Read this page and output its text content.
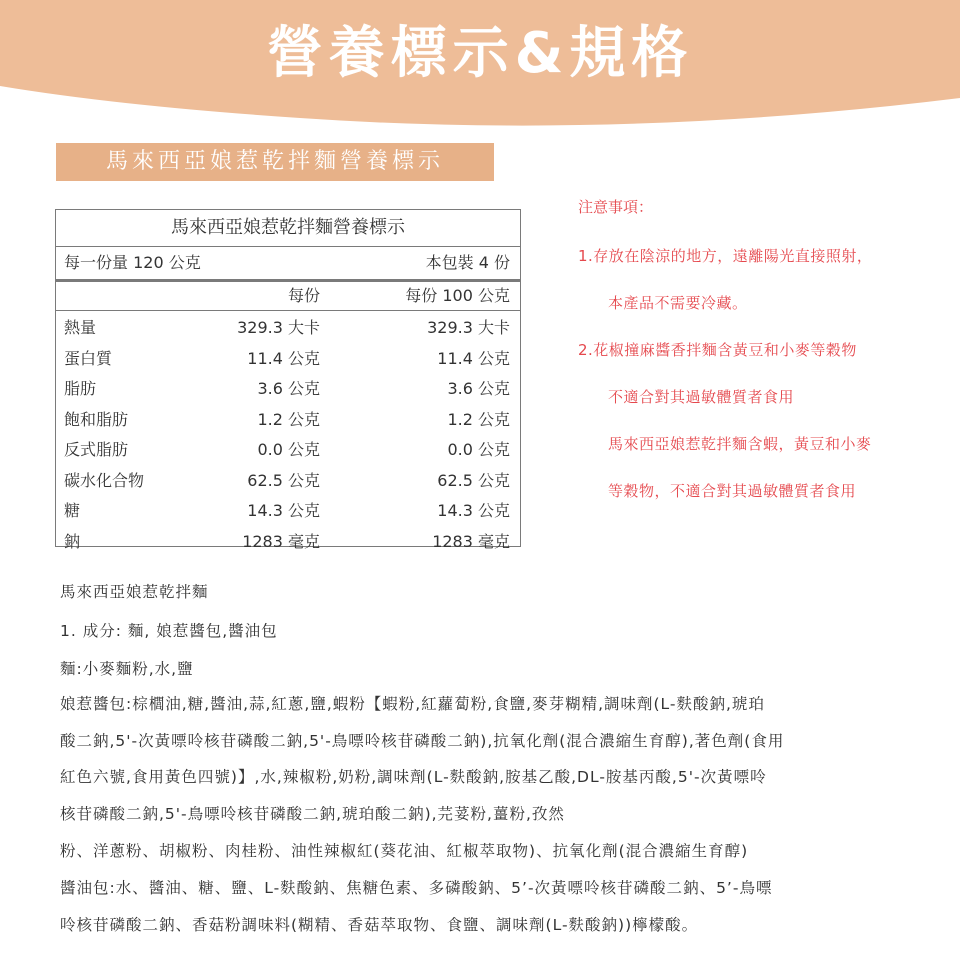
營養標示&規格
馬來西亞娘惹乾拌麵營養標示
馬來西亞娘惹乾拌麵營養標示
每一份量 120 公克	本包裝 4 份
每份	每份 100 公克
熱量	329.3 大卡	329.3 大卡
蛋白質	11.4 公克	11.4 公克
脂肪	3.6 公克	3.6 公克
飽和脂肪	1.2 公克	1.2 公克
反式脂肪	0.0 公克	0.0 公克
碳水化合物	62.5 公克	62.5 公克
糖	14.3 公克	14.3 公克
鈉	1283 毫克	1283 毫克
注意事項：
1.存放在陰涼的地方，遠離陽光直接照射，
本產品不需要冷藏。
2.花椒撞麻醬香拌麵含黃豆和小麥等穀物
不適合對其過敏體質者食用
馬來西亞娘惹乾拌麵含蝦，黃豆和小麥
等穀物，不適合對其過敏體質者食用
馬來西亞娘惹乾拌麵
1. 成分: 麵, 娘惹醬包,醬油包
麵:小麥麵粉,水,鹽
娘惹醬包:棕櫚油,糖,醬油,蒜,紅蔥,鹽,蝦粉【蝦粉,紅蘿蔔粉,食鹽,麥芽糊精,調味劑(L-麩酸鈉,琥珀
酸二鈉,5'-次黃嘌呤核苷磷酸二鈉,5'-鳥嘌呤核苷磷酸二鈉),抗氧化劑(混合濃縮生育醇),著色劑(食用
紅色六號,食用黃色四號)】,水,辣椒粉,奶粉,調味劑(L-麩酸鈉,胺基乙酸,DL-胺基丙酸,5'-次黃嘌呤
核苷磷酸二鈉,5'-鳥嘌呤核苷磷酸二鈉,琥珀酸二鈉),芫荽粉,薑粉,孜然
粉、洋蔥粉、胡椒粉、肉桂粉、油性辣椒紅(葵花油、紅椒萃取物)、抗氧化劑(混合濃縮生育醇)
醬油包:水、醬油、糖、鹽、L-麩酸鈉、焦糖色素、多磷酸鈉、5’-次黃嘌呤核苷磷酸二鈉、5’-鳥嘌
呤核苷磷酸二鈉、香菇粉調味料(糊精、香菇萃取物、食鹽、調味劑(L-麩酸鈉))檸檬酸。
